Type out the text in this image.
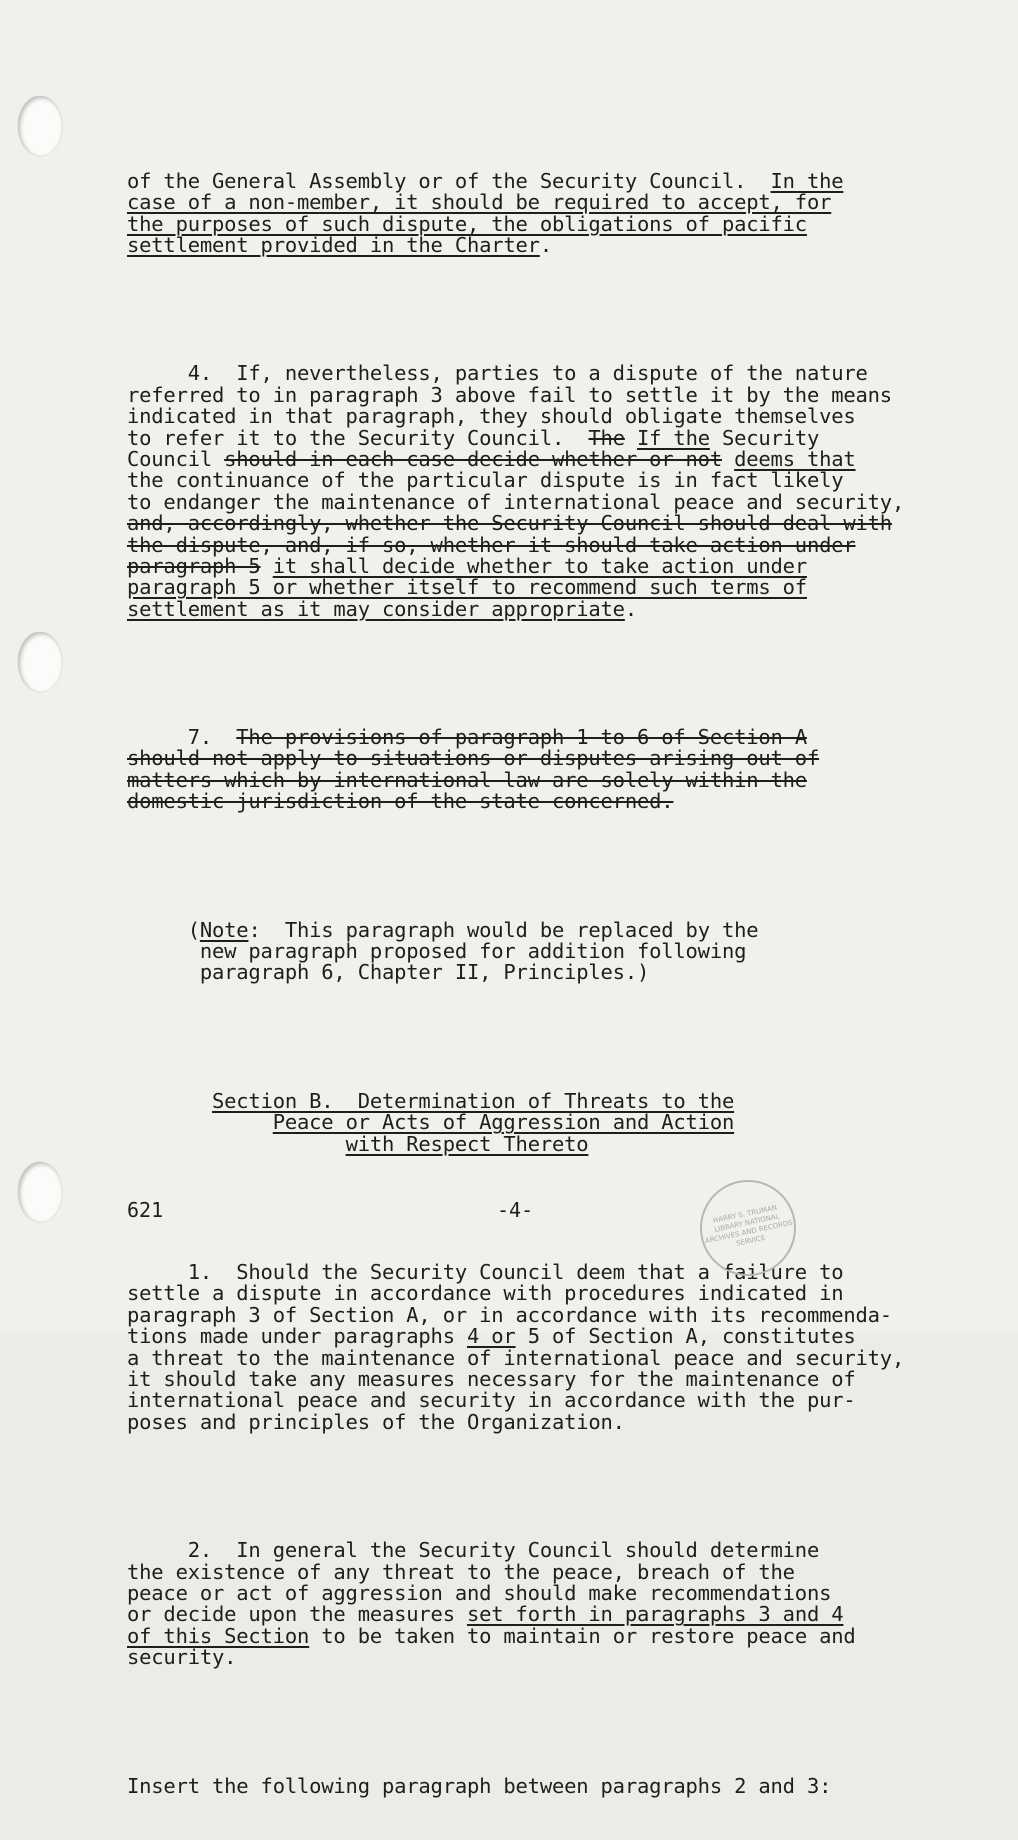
of the General Assembly or of the Security Council.  In the
case of a non-member, it should be required to accept, for
the purposes of such dispute, the obligations of pacific
settlement provided in the Charter.

4.  If, nevertheless, parties to a dispute of the nature
referred to in paragraph 3 above fail to settle it by the means
indicated in that paragraph, they should obligate themselves
to refer it to the Security Council.  The If the Security
Council should in each case decide whether or not deems that
the continuance of the particular dispute is in fact likely
to endanger the maintenance of international peace and security,
and, accordingly, whether the Security Council should deal with
the dispute, and, if so, whether it should take action under
paragraph 5 it shall decide whether to take action under
paragraph 5 or whether itself to recommend such terms of
settlement as it may consider appropriate.

7.  The provisions of paragraph 1 to 6 of Section A
should not apply to situations or disputes arising out of
matters which by international law are solely within the
domestic jurisdiction of the state concerned.

(Note:  This paragraph would be replaced by the
new paragraph proposed for addition following
paragraph 6, Chapter II, Principles.)

Section B.  Determination of Threats to the
Peace or Acts of Aggression and Action
with Respect Thereto

1.  Should the Security Council deem that a failure to
settle a dispute in accordance with procedures indicated in
paragraph 3 of Section A, or in accordance with its recommenda-
tions made under paragraphs 4 or 5 of Section A, constitutes
a threat to the maintenance of international peace and security,
it should take any measures necessary for the maintenance of
international peace and security in accordance with the pur-
poses and principles of the Organization.

2.  In general the Security Council should determine
the existence of any threat to the peace, breach of the
peace or act of aggression and should make recommendations
or decide upon the measures set forth in paragraphs 3 and 4
of this Section to be taken to maintain or restore peace and
security.

Insert the following paragraph between paragraphs 2 and 3:

621	-4-	HARRY S. TRUMAN LIBRARY NATIONAL ARCHIVES AND RECORDS SERVICE
